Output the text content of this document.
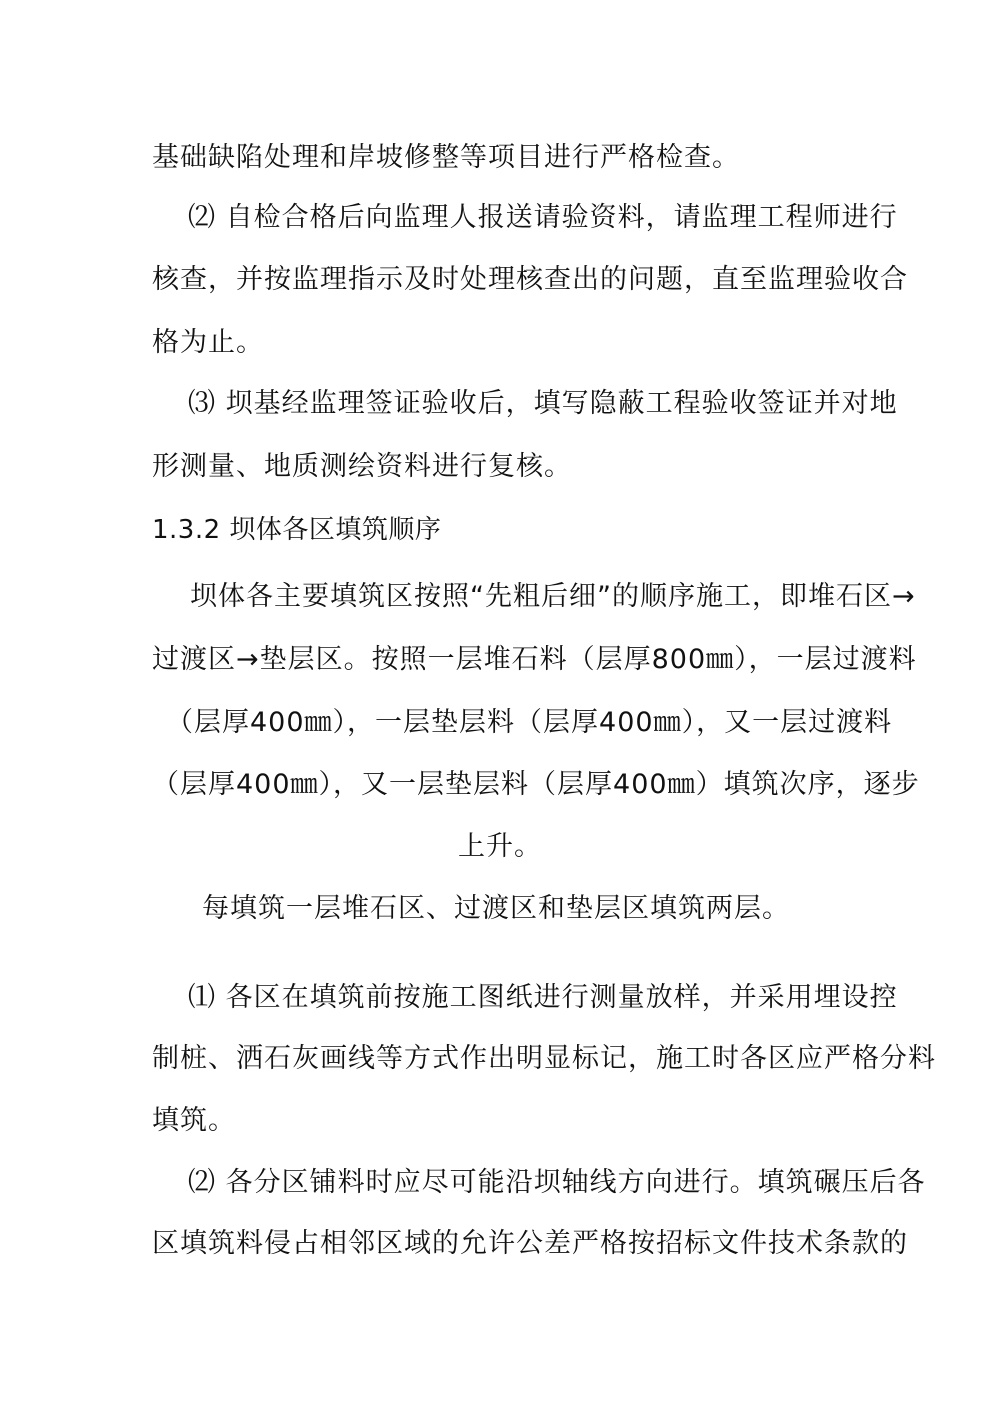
基础缺陷处理和岸坡修整等项目进行严格检查。
⑵ 自检合格后向监理人报送请验资料，请监理工程师进行
核查，并按监理指示及时处理核查出的问题，直至监理验收合
格为止。
⑶ 坝基经监理签证验收后，填写隐蔽工程验收签证并对地
形测量、地质测绘资料进行复核。
1.3.2 坝体各区填筑顺序
坝体各主要填筑区按照“先粗后细”的顺序施工，即堆石区→
过渡区→垫层区。按照一层堆石料（层厚800㎜），一层过渡料
（层厚400㎜），一层垫层料（层厚400㎜），又一层过渡料
（层厚400㎜），又一层垫层料（层厚400㎜）填筑次序，逐步
上升。
每填筑一层堆石区、过渡区和垫层区填筑两层。
⑴ 各区在填筑前按施工图纸进行测量放样，并采用埋设控
制桩、洒石灰画线等方式作出明显标记，施工时各区应严格分料
填筑。
⑵ 各分区铺料时应尽可能沿坝轴线方向进行。填筑碾压后各
区填筑料侵占相邻区域的允许公差严格按招标文件技术条款的
